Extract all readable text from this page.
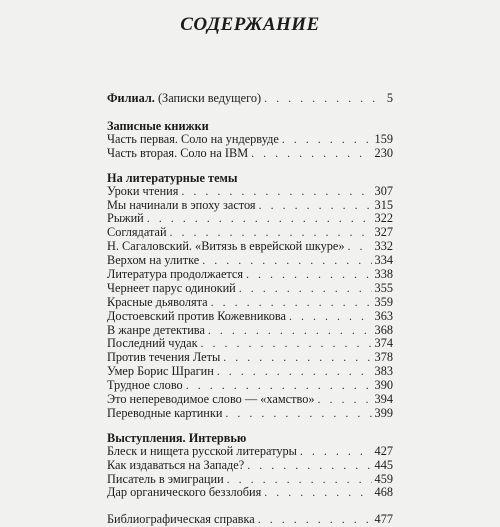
СОДЕРЖАНИЕ
Филиал. (Записки ведущего) . . .	5
Записные книжки
Часть первая. Соло на ундервуде . . .	159
Часть вторая. Соло на IBM . . .	230
На литературные темы
Уроки чтения . . .	307
Мы начинали в эпоху застоя . . .	315
Рыжий . . .	322
Соглядатай . . .	327
Н. Сагаловский. «Витязь в еврейской шкуре» . . . 332
Верхом на улитке . . .	334
Литература продолжается . . .	338
Чернеет парус одинокий . . .	355
Красные дьяволята . . .	359
Достоевский против Кожевникова . . .	363
В жанре детектива . . .	368
Последний чудак . . .	374
Против течения Леты . . .	378
Умер Борис Шрагин . . .	383
Трудное слово . . .	390
Это непереводимое слово — «хамство» . . .	394
Переводные картинки . . .	399
Выступления. Интервью
Блеск и нищета русской литературы . . .	427
Как издаваться на Западе? . . .	445
Писатель в эмиграции . . .	459
Дар органического беззлобия . . .	468
Библиографическая справка . . .	477
